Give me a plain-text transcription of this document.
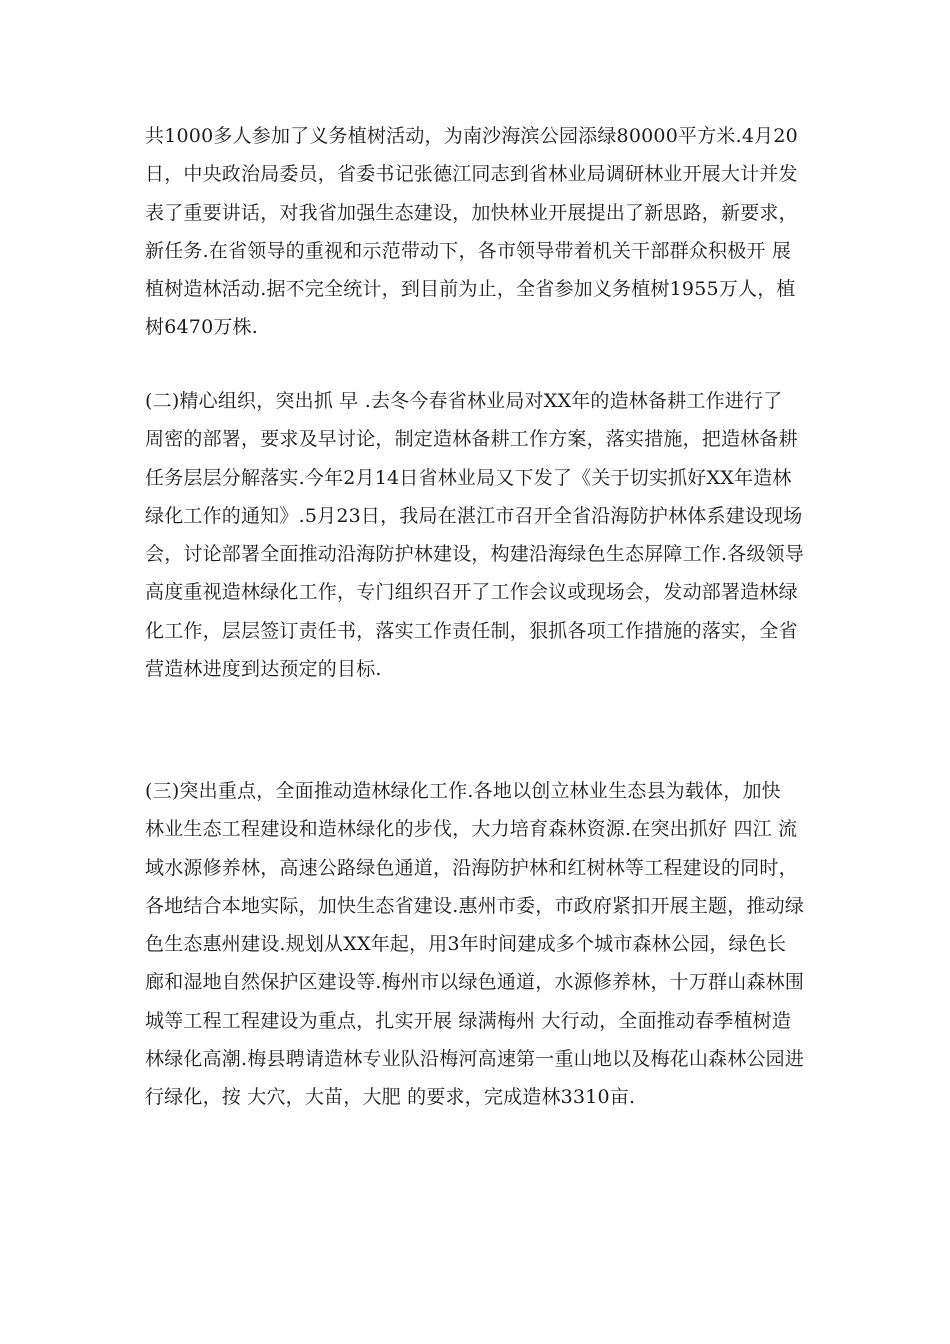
共1000多人参加了义务植树活动，为南沙海滨公园添绿80000平方米.4月20
日，中央政治局委员，省委书记张德江同志到省林业局调研林业开展大计并发
表了重要讲话，对我省加强生态建设，加快林业开展提出了新思路，新要求，
新任务.在省领导的重视和示范带动下，各市领导带着机关干部群众积极开 展
植树造林活动.据不完全统计，到目前为止，全省参加义务植树1955万人，植
树6470万株.

(二)精心组织，突出抓 早 .去冬今春省林业局对XX年的造林备耕工作进行了
周密的部署，要求及早讨论，制定造林备耕工作方案，落实措施，把造林备耕
任务层层分解落实.今年2月14日省林业局又下发了《关于切实抓好XX年造林
绿化工作的通知》.5月23日，我局在湛江市召开全省沿海防护林体系建设现场
会，讨论部署全面推动沿海防护林建设，构建沿海绿色生态屏障工作.各级领导
高度重视造林绿化工作，专门组织召开了工作会议或现场会，发动部署造林绿
化工作，层层签订责任书，落实工作责任制，狠抓各项工作措施的落实，全省
营造林进度到达预定的目标.

(三)突出重点，全面推动造林绿化工作.各地以创立林业生态县为载体，加快
林业生态工程建设和造林绿化的步伐，大力培育森林资源.在突出抓好 四江 流
域水源修养林，高速公路绿色通道，沿海防护林和红树林等工程建设的同时，
各地结合本地实际，加快生态省建设.惠州市委，市政府紧扣开展主题，推动绿
色生态惠州建设.规划从XX年起，用3年时间建成多个城市森林公园，绿色长
廊和湿地自然保护区建设等.梅州市以绿色通道，水源修养林，十万群山森林围
城等工程工程建设为重点，扎实开展 绿满梅州 大行动，全面推动春季植树造
林绿化高潮.梅县聘请造林专业队沿梅河高速第一重山地以及梅花山森林公园进
行绿化，按 大穴，大苗，大肥 的要求，完成造林3310亩.
